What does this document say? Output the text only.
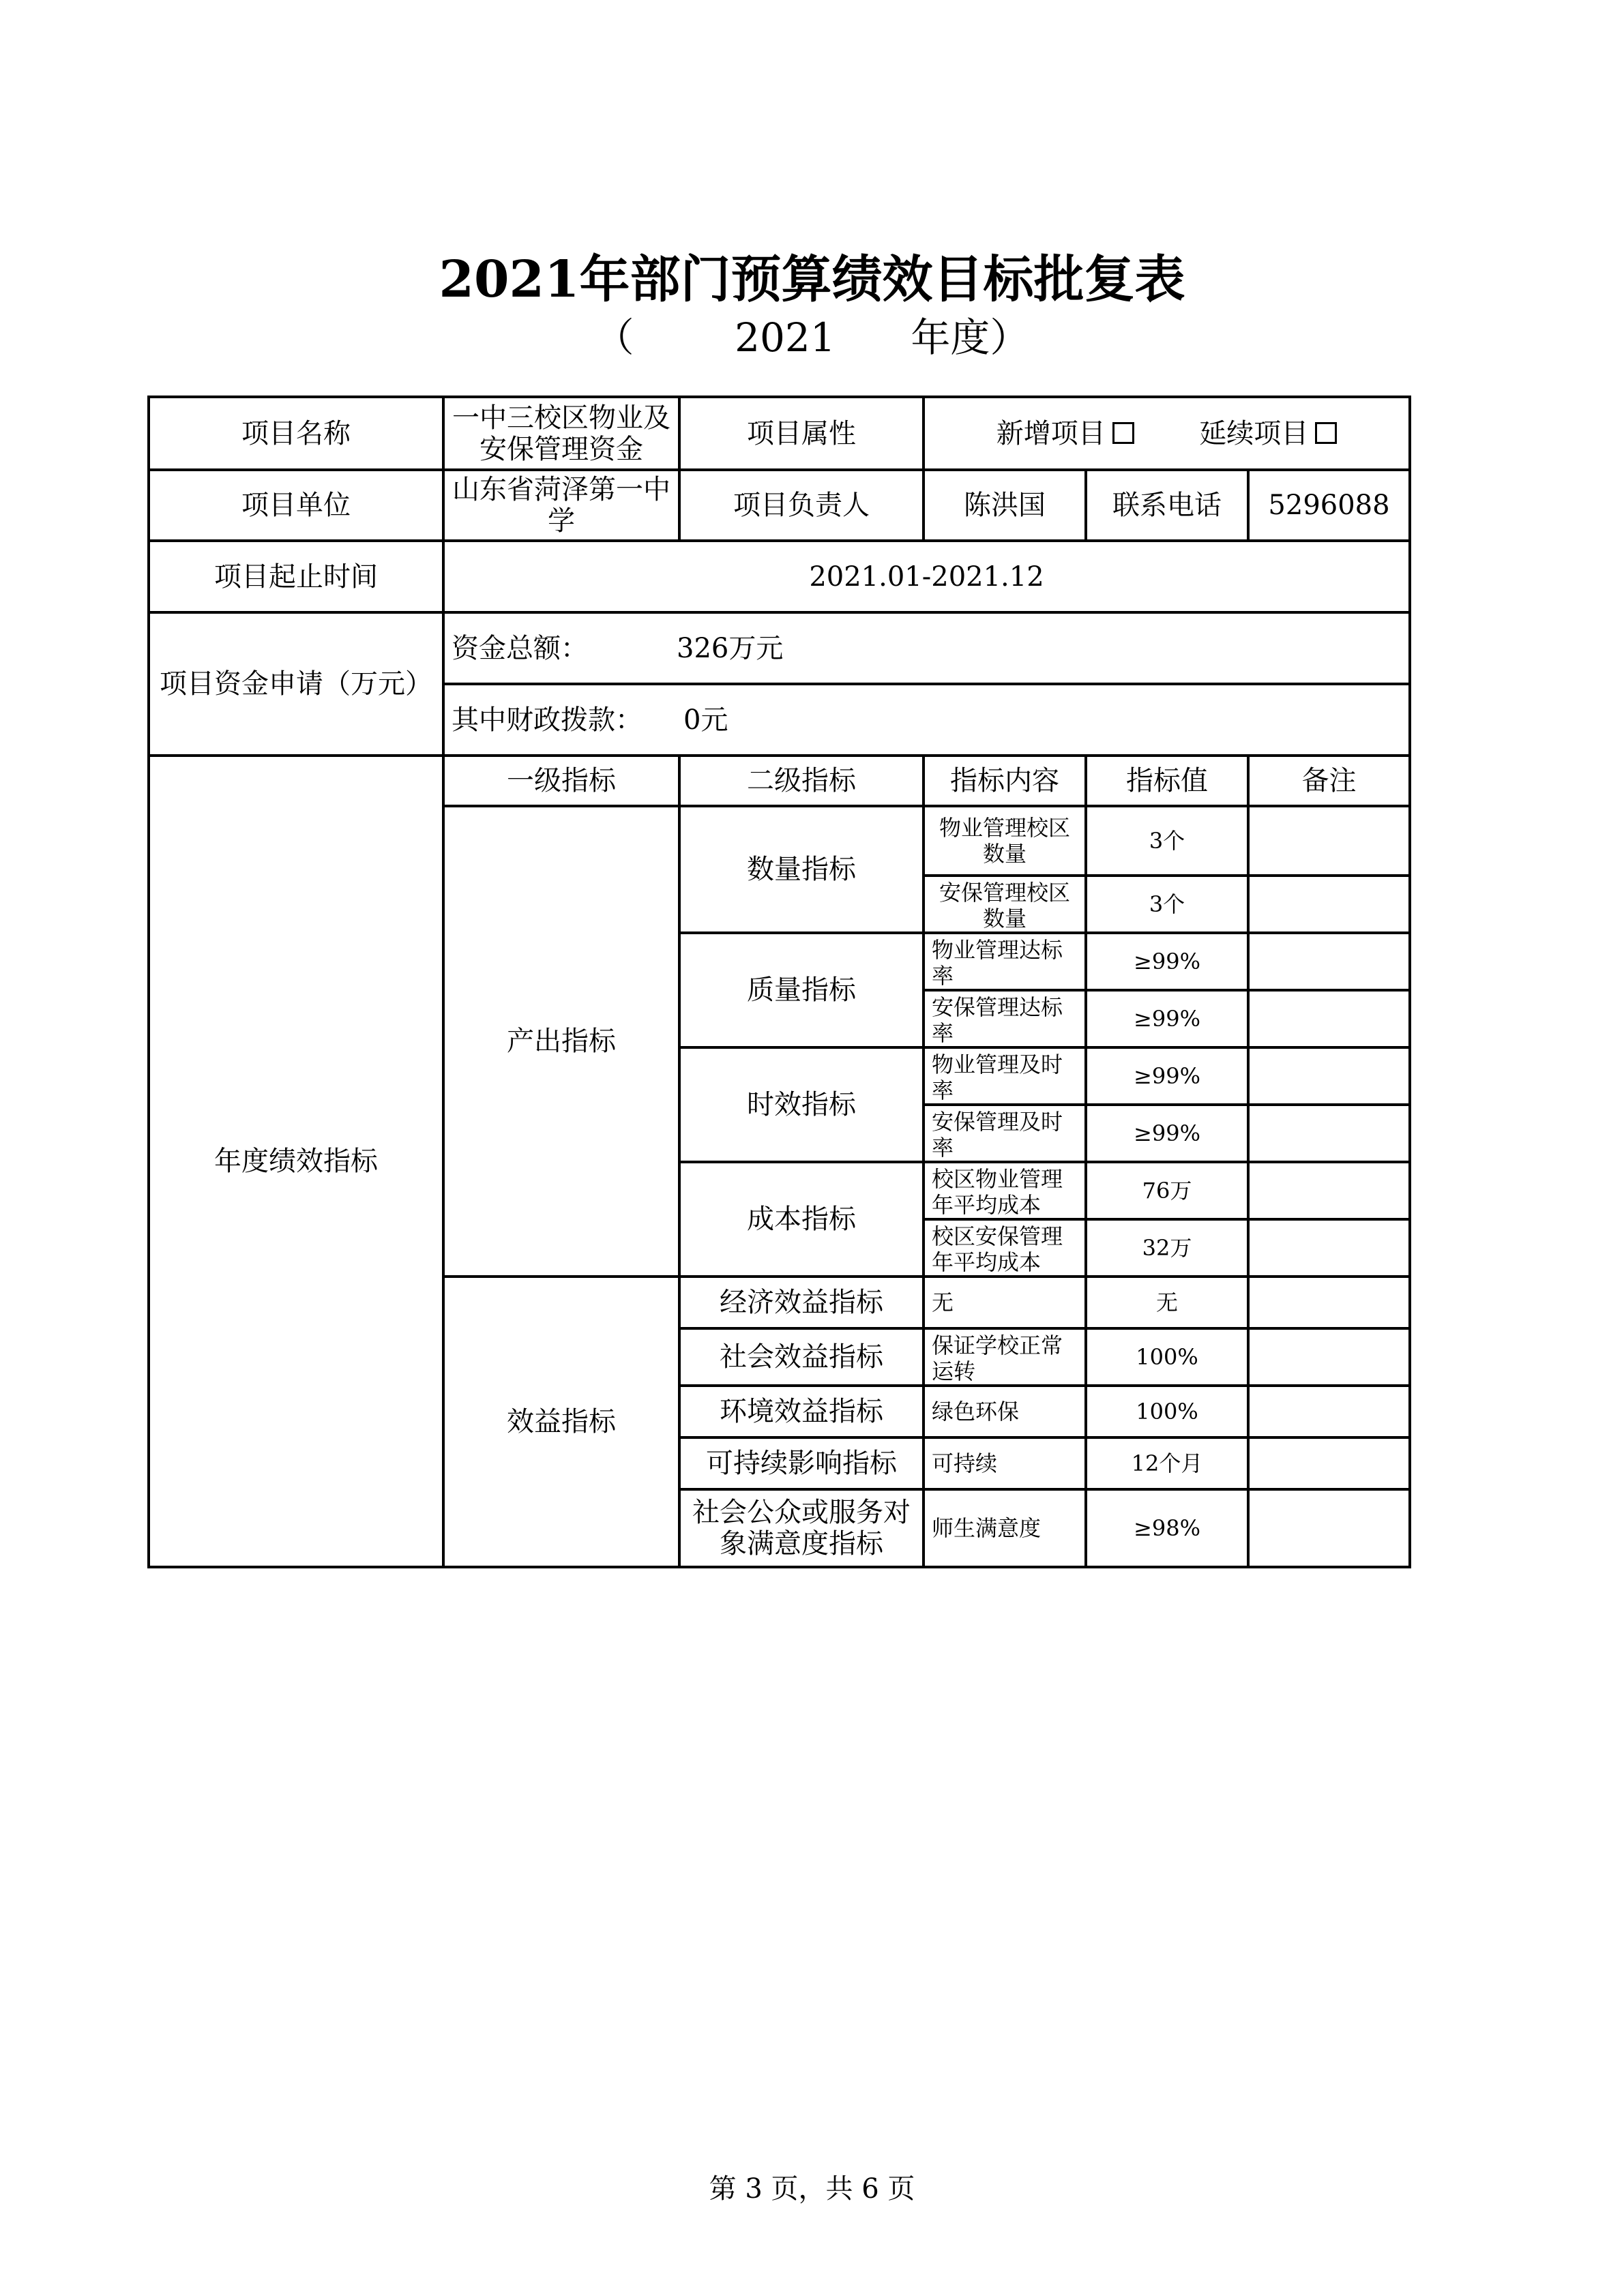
2021年部门预算绩效目标批复表
（        2021      年度）
项目名称	一中三校区物业及安保管理资金	项目属性	新增项目 延续项目		
项目单位	山东省菏泽第一中学	项目负责人	陈洪国	联系电话	5296088
项目起止时间	2021.01-2021.12				
项目资金申请（万元）	资金总额： 326万元				
	其中财政拨款： 0元				
年度绩效指标	一级指标	二级指标	指标内容	指标值	备注
	产出指标	数量指标	物业管理校区数量	3个	
			安保管理校区数量	3个	
		质量指标	物业管理达标率	≥99%	
			安保管理达标率	≥99%	
		时效指标	物业管理及时率	≥99%	
			安保管理及时率	≥99%	
		成本指标	校区物业管理年平均成本	76万	
			校区安保管理年平均成本	32万	
	效益指标	经济效益指标	无	无	
		社会效益指标	保证学校正常运转	100%	
		环境效益指标	绿色环保	100%	
		可持续影响指标	可持续	12个月	
		社会公众或服务对象满意度指标	师生满意度	≥98%	
第 3 页，共 6 页
